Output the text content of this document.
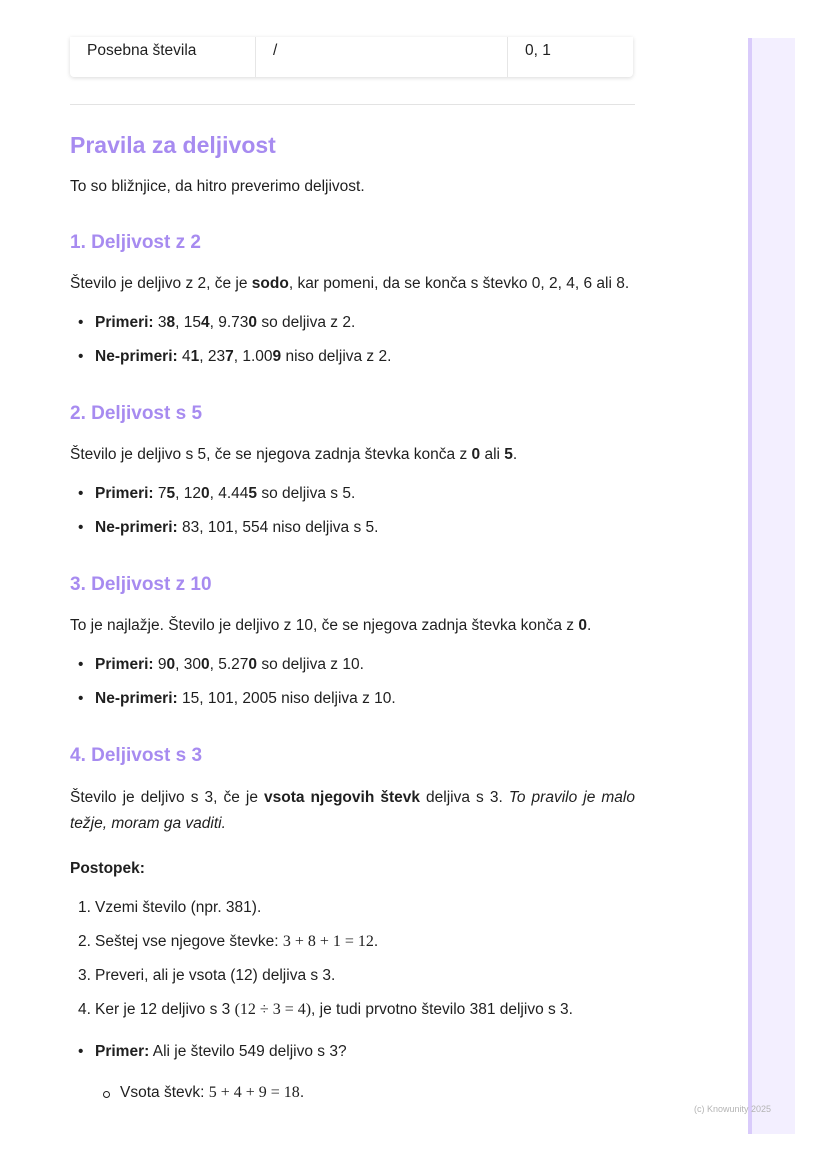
Posebna števila	/	0, 1
Pravila za deljivost

To so bližnjice, da hitro preverimo deljivost.

1. Deljivost z 2

Število je deljivo z 2, če je sodo, kar pomeni, da se konča s števko 0, 2, 4, 6 ali 8.

• Primeri: 38, 154, 9.730 so deljiva z 2.
• Ne-primeri: 41, 237, 1.009 niso deljiva z 2.
2. Deljivost s 5

Število je deljivo s 5, če se njegova zadnja števka konča z 0 ali 5.

• Primeri: 75, 120, 4.445 so deljiva s 5.
• Ne-primeri: 83, 101, 554 niso deljiva s 5.
3. Deljivost z 10

To je najlažje. Število je deljivo z 10, če se njegova zadnja števka konča z 0.

• Primeri: 90, 300, 5.270 so deljiva z 10.
• Ne-primeri: 15, 101, 2005 niso deljiva z 10.
4. Deljivost s 3

Število je deljivo s 3, če je vsota njegovih števk deljiva s 3. To pravilo je malo težje, moram ga vaditi.

Postopek:

1. Vzemi število (npr. 381).
2. Seštej vse njegove števke: 3 + 8 + 1 = 12.
3. Preveri, ali je vsota (12) deljiva s 3.
4. Ker je 12 deljivo s 3 (12 ÷ 3 = 4), je tudi prvotno število 381 deljivo s 3.
• Primer: Ali je število 549 deljivo s 3?
Vsota števk: 5 + 4 + 9 = 18.
(c) Knowunity 2025
